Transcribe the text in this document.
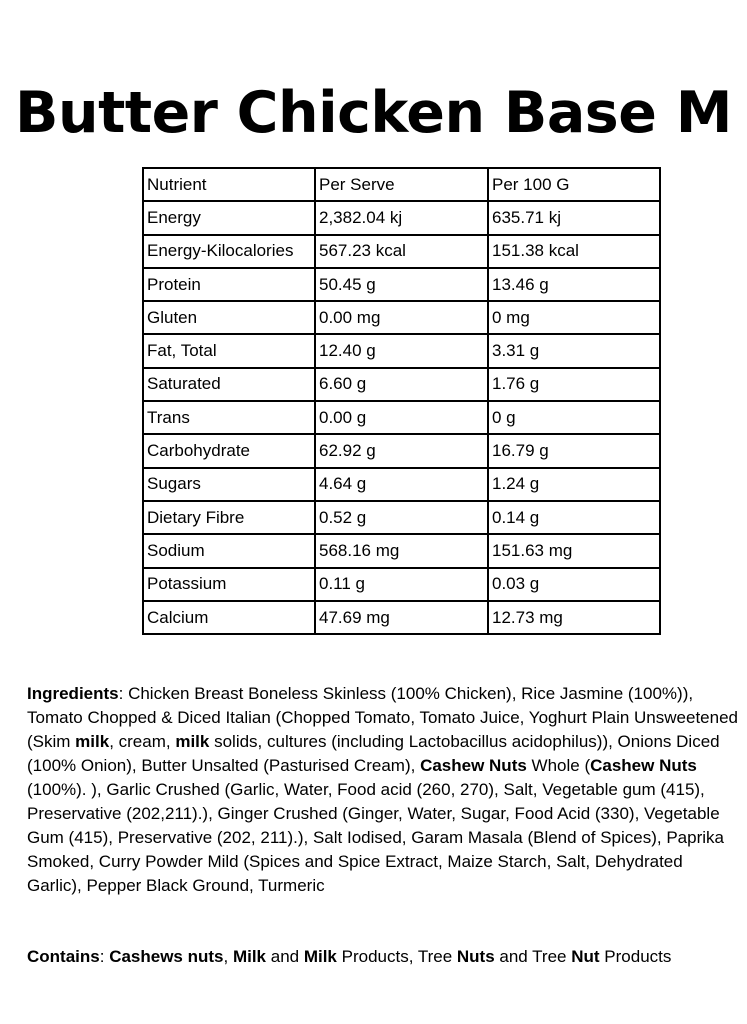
Butter Chicken Base M
Nutrient	Per Serve	Per 100 G
Energy	2,382.04 kj	635.71 kj
Energy-Kilocalories	567.23 kcal	151.38 kcal
Protein	50.45 g	13.46 g
Gluten	0.00 mg	0 mg
Fat, Total	12.40 g	3.31 g
Saturated	6.60 g	1.76 g
Trans	0.00 g	0 g
Carbohydrate	62.92 g	16.79 g
Sugars	4.64 g	1.24 g
Dietary Fibre	0.52 g	0.14 g
Sodium	568.16 mg	151.63 mg
Potassium	0.11 g	0.03 g
Calcium	47.69 mg	12.73 mg
Ingredients: Chicken Breast Boneless Skinless (100% Chicken), Rice Jasmine (100%)), Tomato Chopped & Diced Italian (Chopped Tomato, Tomato Juice, Yoghurt Plain Unsweetened (Skim milk, cream, milk solids, cultures (including Lactobacillus acidophilus)), Onions Diced (100% Onion), Butter Unsalted (Pasturised Cream), Cashew Nuts Whole (Cashew Nuts (100%). ), Garlic Crushed (Garlic, Water, Food acid (260, 270), Salt, Vegetable gum (415), Preservative (202,211).), Ginger Crushed (Ginger, Water, Sugar, Food Acid (330), Vegetable Gum (415), Preservative (202, 211).), Salt Iodised, Garam Masala (Blend of Spices), Paprika Smoked, Curry Powder Mild (Spices and Spice Extract, Maize Starch, Salt, Dehydrated Garlic), Pepper Black Ground, Turmeric
Contains: Cashews nuts, Milk and Milk Products, Tree Nuts and Tree Nut Products
